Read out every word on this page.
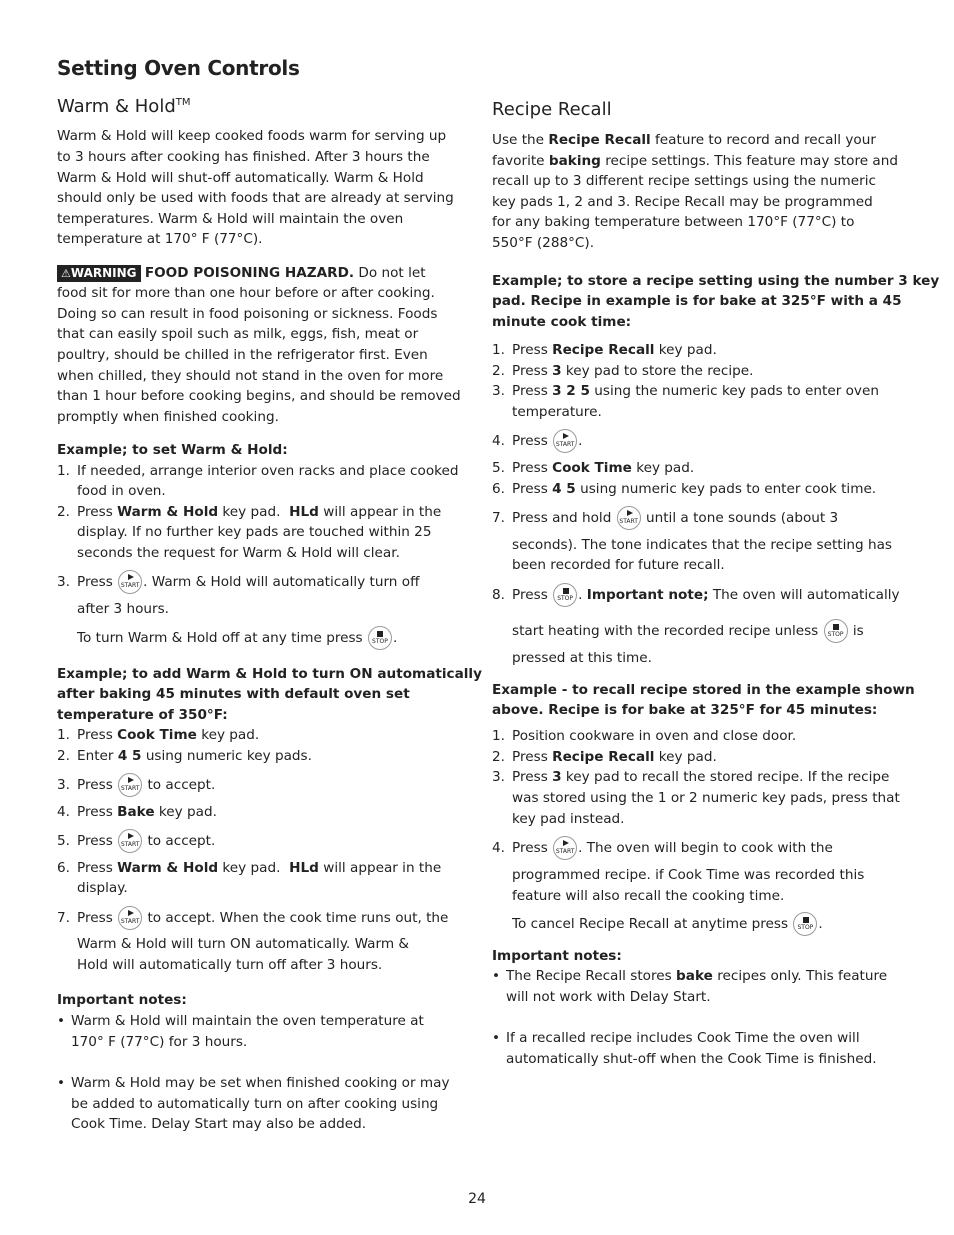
Setting Oven Controls
Warm & Hold™
Warm & Hold will keep cooked foods warm for serving up
to 3 hours after cooking has finished. After 3 hours the
Warm & Hold will shut-off automatically. Warm & Hold
should only be used with foods that are already at serving
temperatures. Warm & Hold will maintain the oven
temperature at 170° F (77°C).
⚠WARNING FOOD POISONING HAZARD. Do not let
food sit for more than one hour before or after cooking.
Doing so can result in food poisoning or sickness. Foods
that can easily spoil such as milk, eggs, fish, meat or
poultry, should be chilled in the refrigerator first. Even
when chilled, they should not stand in the oven for more
than 1 hour before cooking begins, and should be removed
promptly when finished cooking.
Example; to set Warm & Hold:
1. If needed, arrange interior oven racks and place cooked
food in oven.
2. Press Warm & Hold key pad. HLd will appear in the
display. If no further key pads are touched within 25
seconds the request for Warm & Hold will clear.
3. Press START . Warm & Hold will automatically turn off
after 3 hours.
To turn Warm & Hold off at any time press	STOP .
Example; to add Warm & Hold to turn ON automatically
after baking 45 minutes with default oven set
temperature of 350°F:
1. Press Cook Time key pad.
2. Enter 4 5 using numeric key pads.
3. Press START to accept.
4. Press Bake key pad.
5. Press START to accept.
6. Press Warm & Hold key pad. HLd will appear in the
display.
7. Press START to accept. When the cook time runs out, the
Warm & Hold will turn ON automatically. Warm &
Hold will automatically turn off after 3 hours.
Important notes:
• Warm & Hold will maintain the oven temperature at
170° F (77°C) for 3 hours.
• Warm & Hold may be set when finished cooking or may
be added to automatically turn on after cooking using
Cook Time. Delay Start may also be added.
Recipe Recall
Use the Recipe Recall feature to record and recall your
favorite baking recipe settings. This feature may store and
recall up to 3 different recipe settings using the numeric
key pads 1, 2 and 3. Recipe Recall may be programmed
for any baking temperature between 170°F (77°C) to
550°F (288°C).
Example; to store a recipe setting using the number 3 key
pad. Recipe in example is for bake at 325°F with a 45
minute cook time:
1. Press Recipe Recall key pad.
2. Press 3 key pad to store the recipe.
3. Press 3 2 5 using the numeric key pads to enter oven
temperature.
4. Press START .
5. Press Cook Time key pad.
6. Press 4 5 using numeric key pads to enter cook time.
7. Press and hold START until a tone sounds (about 3
seconds). The tone indicates that the recipe setting has
been recorded for future recall.
8. Press	STOP . Important note; The oven will automatically
start heating with the recorded recipe unless	STOP is
pressed at this time.
Example - to recall recipe stored in the example shown
above. Recipe is for bake at 325°F for 45 minutes:
1. Position cookware in oven and close door.
2. Press Recipe Recall key pad.
3. Press 3 key pad to recall the stored recipe. If the recipe
was stored using the 1 or 2 numeric key pads, press that
key pad instead.
4. Press START . The oven will begin to cook with the
programmed recipe. if Cook Time was recorded this
feature will also recall the cooking time.
To cancel Recipe Recall at anytime press	STOP .
Important notes:
• The Recipe Recall stores bake recipes only. This feature
will not work with Delay Start.
• If a recalled recipe includes Cook Time the oven will
automatically shut-off when the Cook Time is finished.
24
